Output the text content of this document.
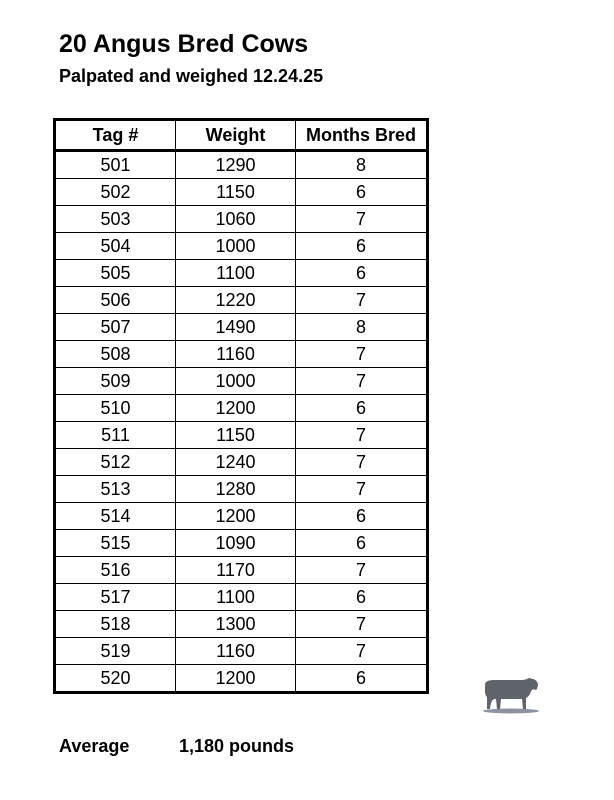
20 Angus Bred Cows
Palpated and weighed 12.24.25
Tag #	Weight	Months Bred
501	1290	8
502	1150	6
503	1060	7
504	1000	6
505	1100	6
506	1220	7
507	1490	8
508	1160	7
509	1000	7
510	1200	6
511	1150	7
512	1240	7
513	1280	7
514	1200	6
515	1090	6
516	1170	7
517	1100	6
518	1300	7
519	1160	7
520	1200	6
Average	1,180 pounds
